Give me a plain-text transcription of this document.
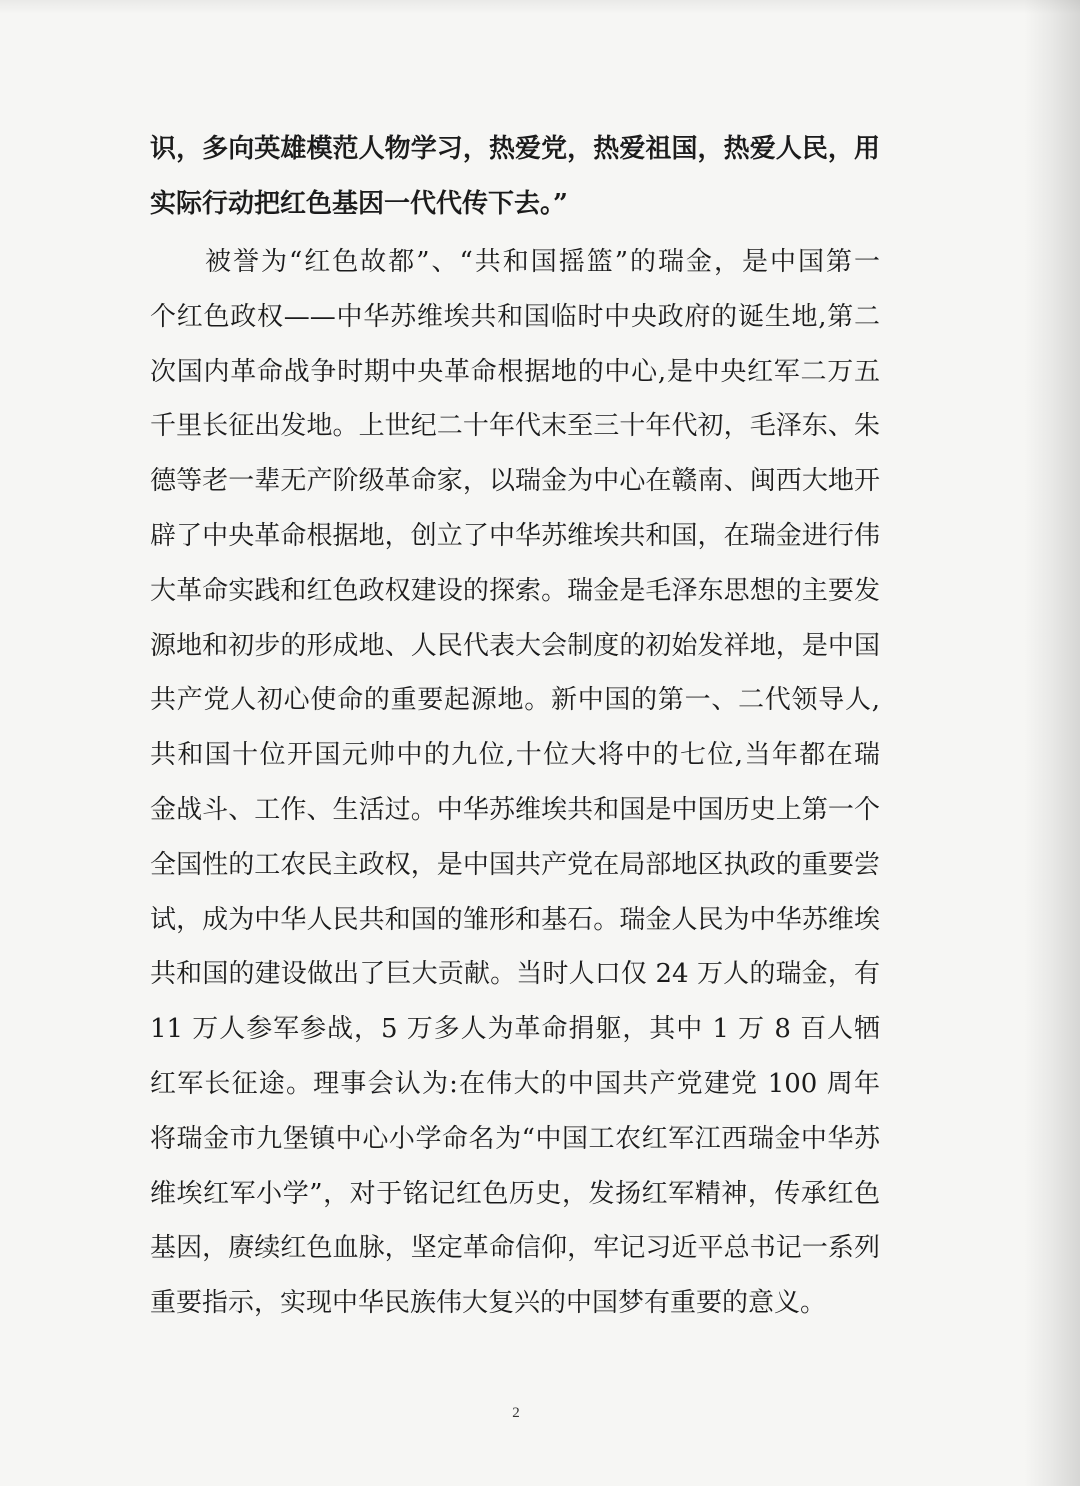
识，多向英雄模范人物学习，热爱党，热爱祖国，热爱人民，用
实际行动把红色基因一代代传下去。”
被誉为“红色故都”、“共和国摇篮”的瑞金，是中国第一
个红色政权——中华苏维埃共和国临时中央政府的诞生地,第二
次国内革命战争时期中央革命根据地的中心,是中央红军二万五
千里长征出发地。上世纪二十年代末至三十年代初，毛泽东、朱
德等老一辈无产阶级革命家，以瑞金为中心在赣南、闽西大地开
辟了中央革命根据地，创立了中华苏维埃共和国，在瑞金进行伟
大革命实践和红色政权建设的探索。瑞金是毛泽东思想的主要发
源地和初步的形成地、人民代表大会制度的初始发祥地，是中国
共产党人初心使命的重要起源地。新中国的第一、二代领导人,
共和国十位开国元帅中的九位,十位大将中的七位,当年都在瑞
金战斗、工作、生活过。中华苏维埃共和国是中国历史上第一个
全国性的工农民主政权，是中国共产党在局部地区执政的重要尝
试，成为中华人民共和国的雏形和基石。瑞金人民为中华苏维埃
共和国的建设做出了巨大贡献。当时人口仅 24 万人的瑞金，有
11 万人参军参战，5 万多人为革命捐躯，其中 1 万 8 百人牺
红军长征途。理事会认为:在伟大的中国共产党建党 100 周年
将瑞金市九堡镇中心小学命名为“中国工农红军江西瑞金中华苏
维埃红军小学”，对于铭记红色历史，发扬红军精神，传承红色
基因，赓续红色血脉，坚定革命信仰，牢记习近平总书记一系列
重要指示，实现中华民族伟大复兴的中国梦有重要的意义。
2
